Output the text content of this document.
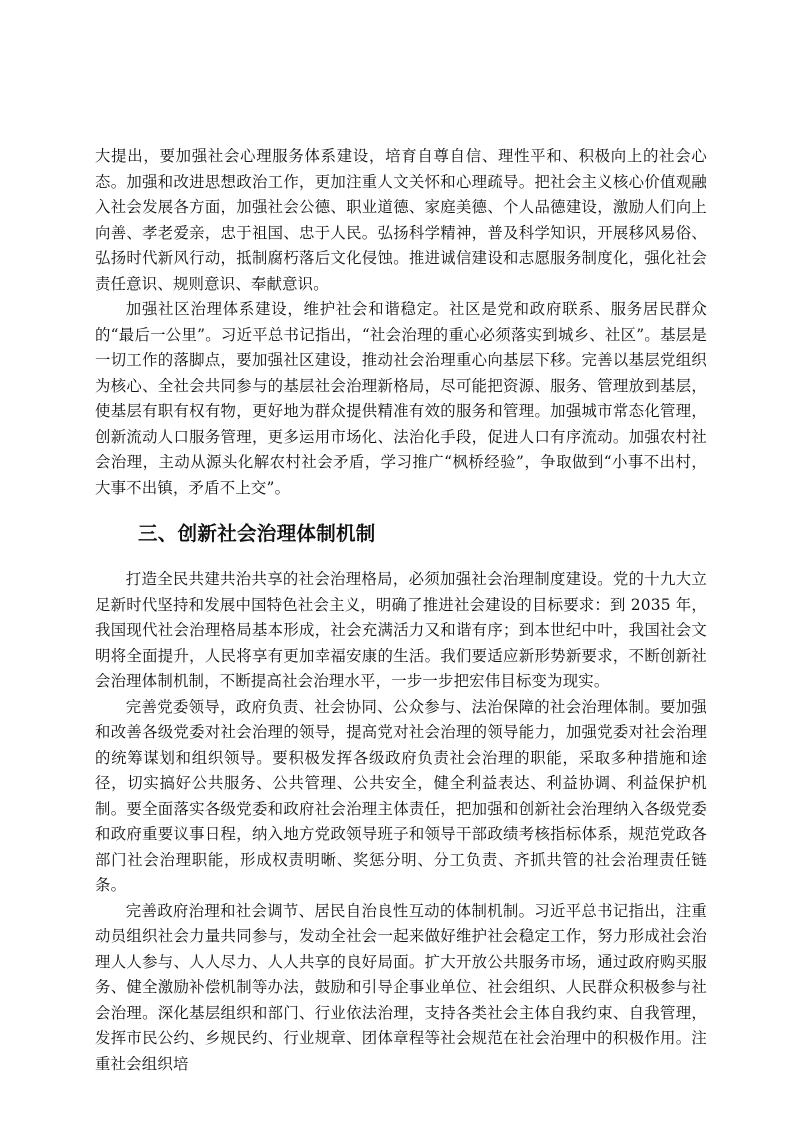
大提出，要加强社会心理服务体系建设，培育自尊自信、理性平和、积极向上的社会心态。加强和改进思想政治工作，更加注重人文关怀和心理疏导。把社会主义核心价值观融入社会发展各方面，加强社会公德、职业道德、家庭美德、个人品德建设，激励人们向上向善、孝老爱亲，忠于祖国、忠于人民。弘扬科学精神，普及科学知识，开展移风易俗、弘扬时代新风行动，抵制腐朽落后文化侵蚀。推进诚信建设和志愿服务制度化，强化社会责任意识、规则意识、奉献意识。

加强社区治理体系建设，维护社会和谐稳定。社区是党和政府联系、服务居民群众的“最后一公里”。习近平总书记指出，“社会治理的重心必须落实到城乡、社区”。基层是一切工作的落脚点，要加强社区建设，推动社会治理重心向基层下移。完善以基层党组织为核心、全社会共同参与的基层社会治理新格局，尽可能把资源、服务、管理放到基层，使基层有职有权有物，更好地为群众提供精准有效的服务和管理。加强城市常态化管理，创新流动人口服务管理，更多运用市场化、法治化手段，促进人口有序流动。加强农村社会治理，主动从源头化解农村社会矛盾，学习推广“枫桥经验”，争取做到“小事不出村，大事不出镇，矛盾不上交”。

三、创新社会治理体制机制

打造全民共建共治共享的社会治理格局，必须加强社会治理制度建设。党的十九大立足新时代坚持和发展中国特色社会主义，明确了推进社会建设的目标要求：到 2035 年，我国现代社会治理格局基本形成，社会充满活力又和谐有序；到本世纪中叶，我国社会文明将全面提升，人民将享有更加幸福安康的生活。我们要适应新形势新要求，不断创新社会治理体制机制，不断提高社会治理水平，一步一步把宏伟目标变为现实。

完善党委领导，政府负责、社会协同、公众参与、法治保障的社会治理体制。要加强和改善各级党委对社会治理的领导，提高党对社会治理的领导能力，加强党委对社会治理的统筹谋划和组织领导。要积极发挥各级政府负责社会治理的职能，采取多种措施和途径，切实搞好公共服务、公共管理、公共安全，健全利益表达、利益协调、利益保护机制。要全面落实各级党委和政府社会治理主体责任，把加强和创新社会治理纳入各级党委和政府重要议事日程，纳入地方党政领导班子和领导干部政绩考核指标体系，规范党政各部门社会治理职能，形成权责明晰、奖惩分明、分工负责、齐抓共管的社会治理责任链条。

完善政府治理和社会调节、居民自治良性互动的体制机制。习近平总书记指出，注重动员组织社会力量共同参与，发动全社会一起来做好维护社会稳定工作，努力形成社会治理人人参与、人人尽力、人人共享的良好局面。扩大开放公共服务市场，通过政府购买服务、健全激励补偿机制等办法，鼓励和引导企事业单位、社会组织、人民群众积极参与社会治理。深化基层组织和部门、行业依法治理，支持各类社会主体自我约束、自我管理，发挥市民公约、乡规民约、行业规章、团体章程等社会规范在社会治理中的积极作用。注重社会组织培
